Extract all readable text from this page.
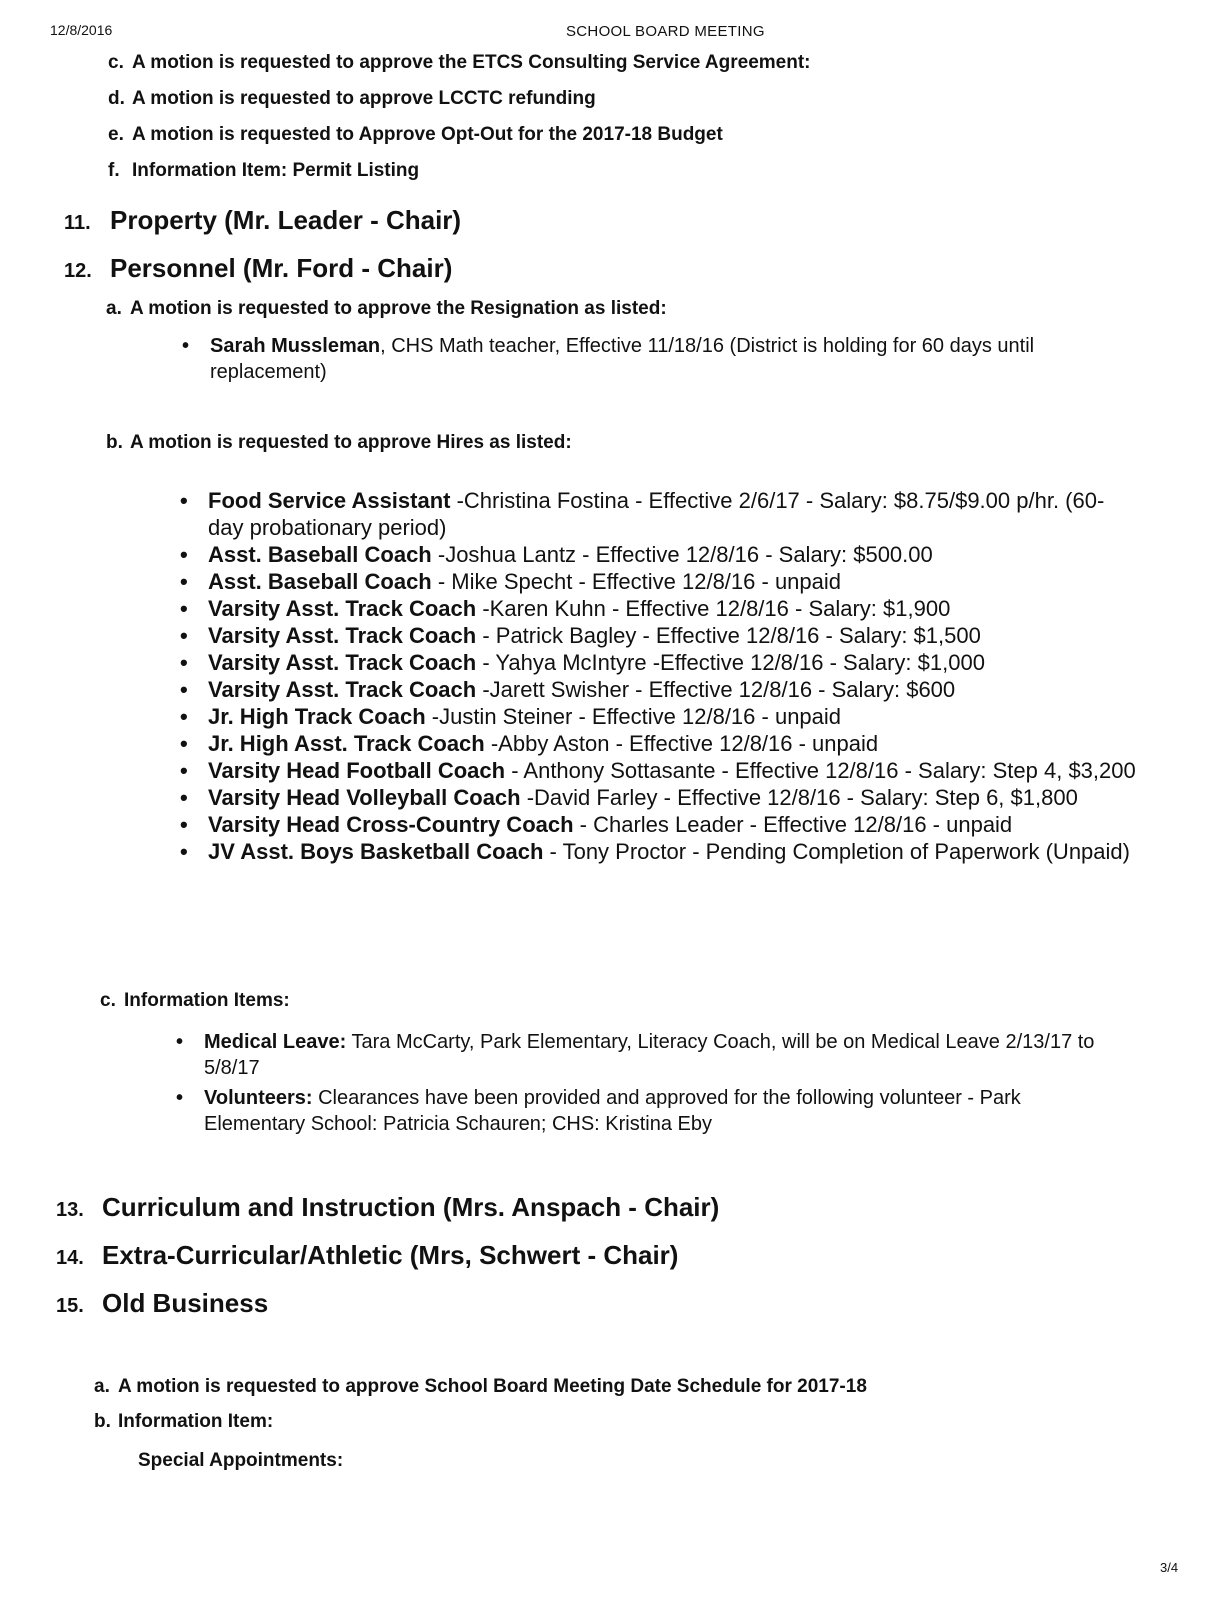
12/8/2016	SCHOOL BOARD MEETING
c. A motion is requested to approve the ETCS Consulting Service Agreement:
d. A motion is requested to approve LCCTC refunding
e. A motion is requested to Approve Opt-Out for the 2017-18 Budget
f. Information Item: Permit Listing
11. Property (Mr. Leader - Chair)
12. Personnel (Mr. Ford - Chair)
a. A motion is requested to approve the Resignation as listed:
• Sarah Mussleman, CHS Math teacher, Effective 11/18/16 (District is holding for 60 days until replacement)
b. A motion is requested to approve Hires as listed:
• Food Service Assistant -Christina Fostina - Effective 2/6/17 - Salary: $8.75/$9.00 p/hr. (60-day probationary period)
• Asst. Baseball Coach -Joshua Lantz - Effective 12/8/16 - Salary: $500.00
• Asst. Baseball Coach - Mike Specht - Effective 12/8/16 - unpaid
• Varsity Asst. Track Coach -Karen Kuhn - Effective 12/8/16 - Salary: $1,900
• Varsity Asst. Track Coach - Patrick Bagley - Effective 12/8/16 - Salary: $1,500
• Varsity Asst. Track Coach - Yahya McIntyre -Effective 12/8/16 - Salary: $1,000
• Varsity Asst. Track Coach -Jarett Swisher - Effective 12/8/16 - Salary: $600
• Jr. High Track Coach -Justin Steiner - Effective 12/8/16 - unpaid
• Jr. High Asst. Track Coach -Abby Aston - Effective 12/8/16 - unpaid
• Varsity Head Football Coach - Anthony Sottasante - Effective 12/8/16 - Salary: Step 4, $3,200
• Varsity Head Volleyball Coach -David Farley - Effective 12/8/16 - Salary: Step 6, $1,800
• Varsity Head Cross-Country Coach - Charles Leader - Effective 12/8/16 - unpaid
• JV Asst. Boys Basketball Coach - Tony Proctor - Pending Completion of Paperwork (Unpaid)
c. Information Items:
• Medical Leave: Tara McCarty, Park Elementary, Literacy Coach, will be on Medical Leave 2/13/17 to 5/8/17
• Volunteers: Clearances have been provided and approved for the following volunteer - Park Elementary School: Patricia Schauren; CHS: Kristina Eby
13. Curriculum and Instruction (Mrs. Anspach - Chair)
14. Extra-Curricular/Athletic (Mrs, Schwert - Chair)
15. Old Business
a. A motion is requested to approve School Board Meeting Date Schedule for 2017-18
b. Information Item:
Special Appointments:
3/4
